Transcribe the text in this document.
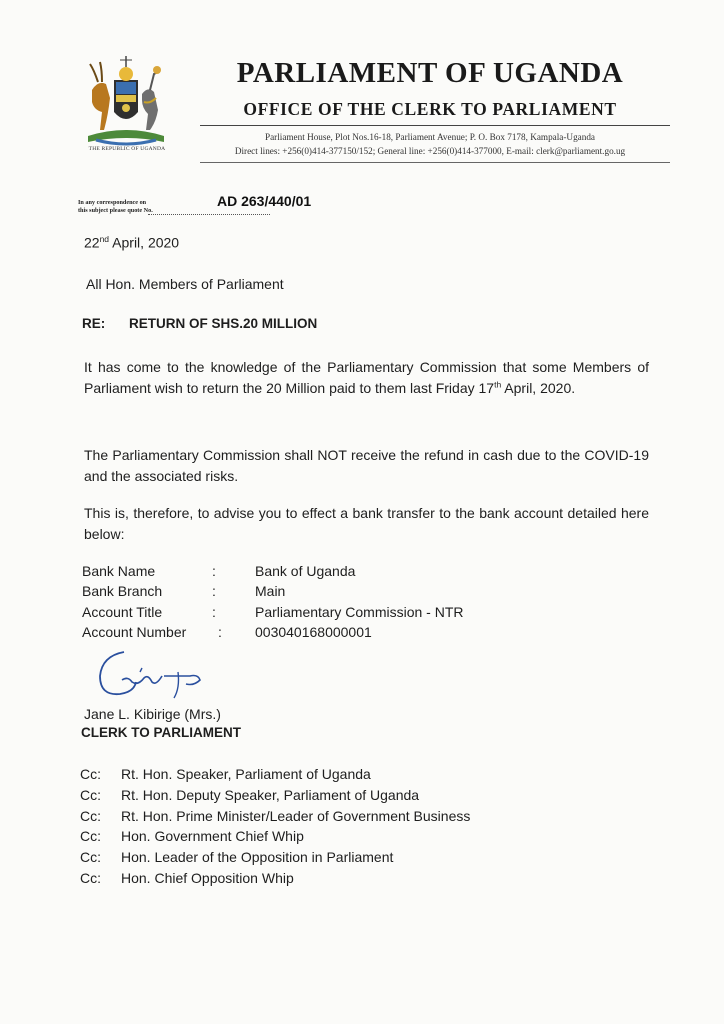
THE REPUBLIC OF UGANDA
PARLIAMENT OF UGANDA
OFFICE OF THE CLERK TO PARLIAMENT
Parliament House, Plot Nos.16-18, Parliament Avenue; P. O. Box 7178, Kampala-Uganda
Direct lines: +256(0)414-377150/152; General line: +256(0)414-377000, E-mail: clerk@parliament.go.ug
In any correspondence on
this subject please quote No.
AD 263/440/01
22nd April, 2020
All Hon. Members of Parliament
RE: RETURN OF SHS.20 MILLION
It has come to the knowledge of the Parliamentary Commission that some Members of Parliament wish to return the 20 Million paid to them last Friday 17th April, 2020.
The Parliamentary Commission shall NOT receive the refund in cash due to the COVID-19 and the associated risks.
This is, therefore, to advise you to effect a bank transfer to the bank account detailed here below:
Bank Name	:	Bank of Uganda
Bank Branch	:	Main
Account Title	:	Parliamentary Commission - NTR
Account Number : 003040168000001
Jane L. Kibirige (Mrs.)
CLERK TO PARLIAMENT
Cc: Rt. Hon. Speaker, Parliament of Uganda
Cc: Rt. Hon. Deputy Speaker, Parliament of Uganda
Cc: Rt. Hon. Prime Minister/Leader of Government Business
Cc: Hon. Government Chief Whip
Cc: Hon. Leader of the Opposition in Parliament
Cc: Hon. Chief Opposition Whip
